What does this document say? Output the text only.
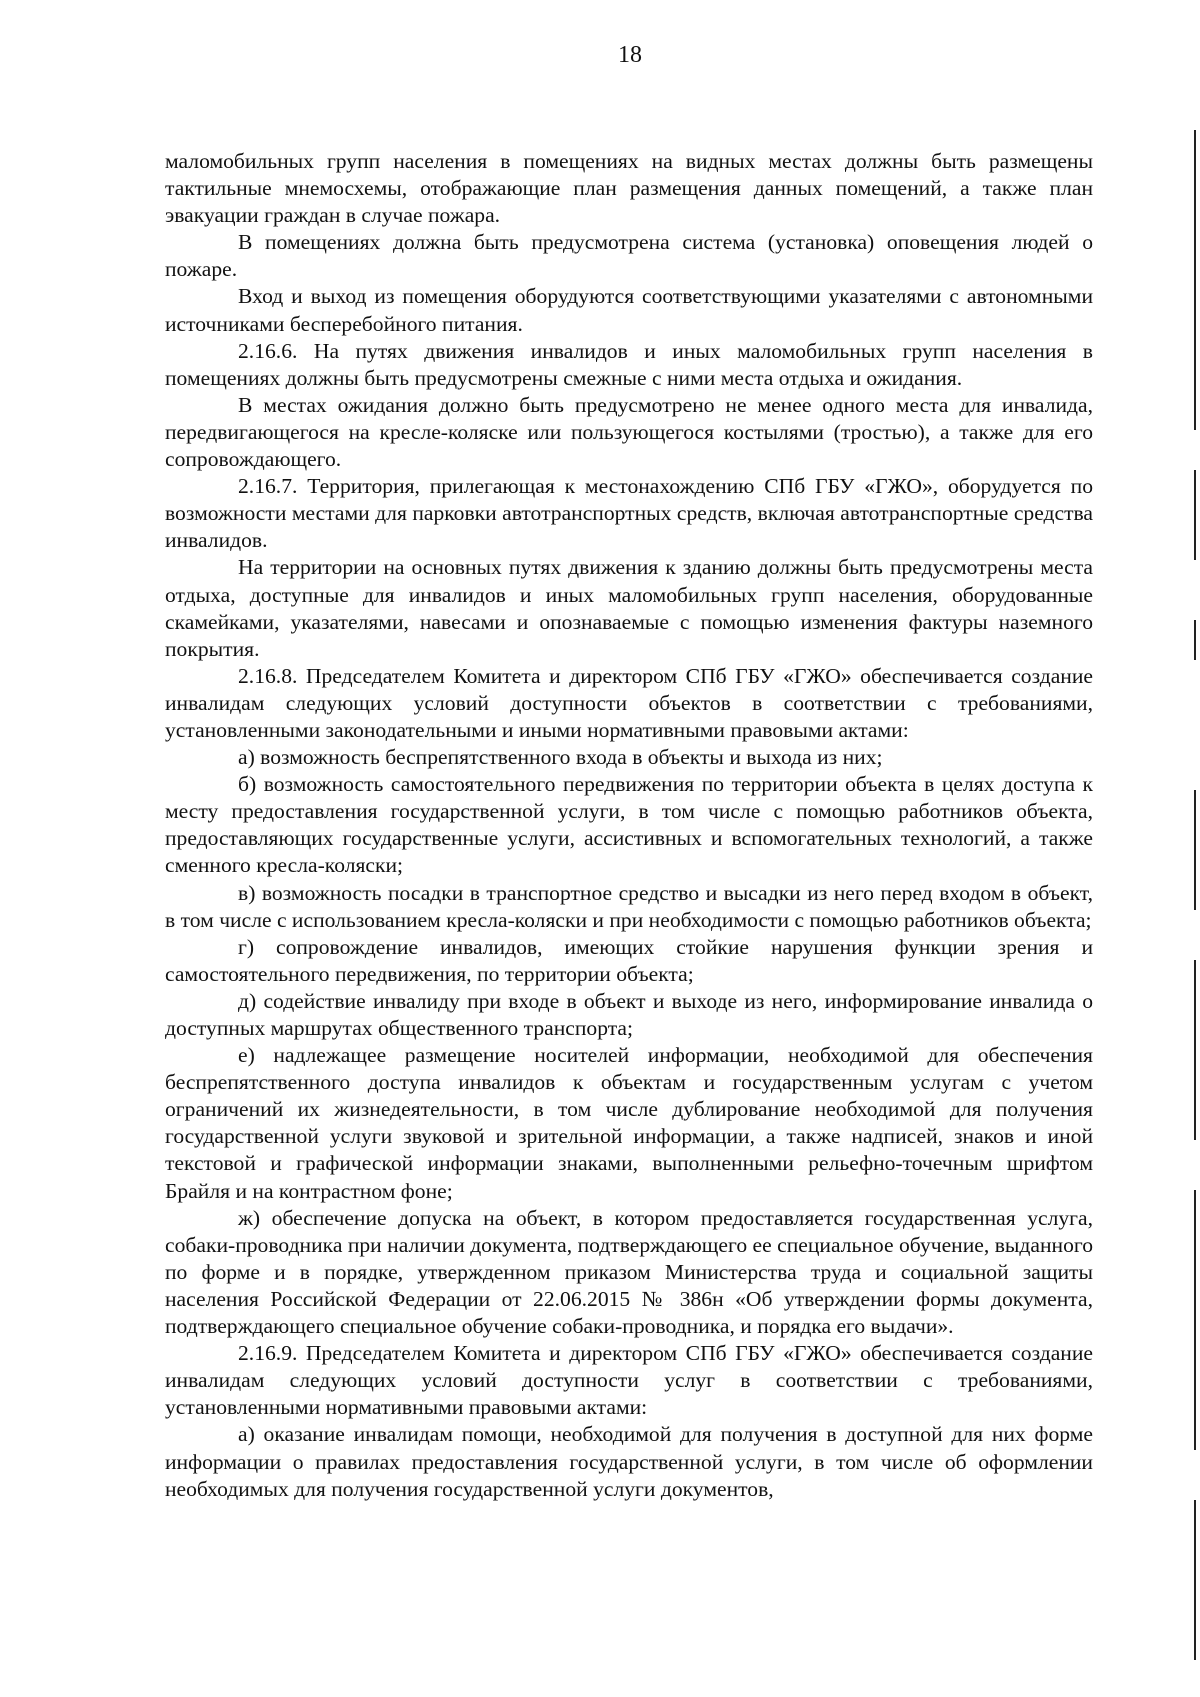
18

маломобильных групп населения в помещениях на видных местах должны быть размещены тактильные мнемосхемы, отображающие план размещения данных помещений, а также план эвакуации граждан в случае пожара.

В помещениях должна быть предусмотрена система (установка) оповещения людей о пожаре.

Вход и выход из помещения оборудуются соответствующими указателями с автономными источниками бесперебойного питания.

2.16.6. На путях движения инвалидов и иных маломобильных групп населения в помещениях должны быть предусмотрены смежные с ними места отдыха и ожидания.

В местах ожидания должно быть предусмотрено не менее одного места для инвалида, передвигающегося на кресле-коляске или пользующегося костылями (тростью), а также для его сопровождающего.

2.16.7. Территория, прилегающая к местонахождению СПб ГБУ «ГЖО», оборудуется по возможности местами для парковки автотранспортных средств, включая автотранспортные средства инвалидов.

На территории на основных путях движения к зданию должны быть предусмотрены места отдыха, доступные для инвалидов и иных маломобильных групп населения, оборудованные скамейками, указателями, навесами и опознаваемые с помощью изменения фактуры наземного покрытия.

2.16.8. Председателем Комитета и директором СПб ГБУ «ГЖО» обеспечивается создание инвалидам следующих условий доступности объектов в соответствии с требованиями, установленными законодательными и иными нормативными правовыми актами:

а) возможность беспрепятственного входа в объекты и выхода из них;

б) возможность самостоятельного передвижения по территории объекта в целях доступа к месту предоставления государственной услуги, в том числе с помощью работников объекта, предоставляющих государственные услуги, ассистивных и вспомогательных технологий, а также сменного кресла-коляски;

в) возможность посадки в транспортное средство и высадки из него перед входом в объект, в том числе с использованием кресла-коляски и при необходимости с помощью работников объекта;

г) сопровождение инвалидов, имеющих стойкие нарушения функции зрения и самостоятельного передвижения, по территории объекта;

д) содействие инвалиду при входе в объект и выходе из него, информирование инвалида о доступных маршрутах общественного транспорта;

е) надлежащее размещение носителей информации, необходимой для обеспечения беспрепятственного доступа инвалидов к объектам и государственным услугам с учетом ограничений их жизнедеятельности, в том числе дублирование необходимой для получения государственной услуги звуковой и зрительной информации, а также надписей, знаков и иной текстовой и графической информации знаками, выполненными рельефно-точечным шрифтом Брайля и на контрастном фоне;

ж) обеспечение допуска на объект, в котором предоставляется государственная услуга, собаки-проводника при наличии документа, подтверждающего ее специальное обучение, выданного по форме и в порядке, утвержденном приказом Министерства труда и социальной защиты населения Российской Федерации от 22.06.2015 № 386н «Об утверждении формы документа, подтверждающего специальное обучение собаки-проводника, и порядка его выдачи».

2.16.9. Председателем Комитета и директором СПб ГБУ «ГЖО» обеспечивается создание инвалидам следующих условий доступности услуг в соответствии с требованиями, установленными нормативными правовыми актами:

а) оказание инвалидам помощи, необходимой для получения в доступной для них форме информации о правилах предоставления государственной услуги, в том числе об оформлении необходимых для получения государственной услуги документов,
